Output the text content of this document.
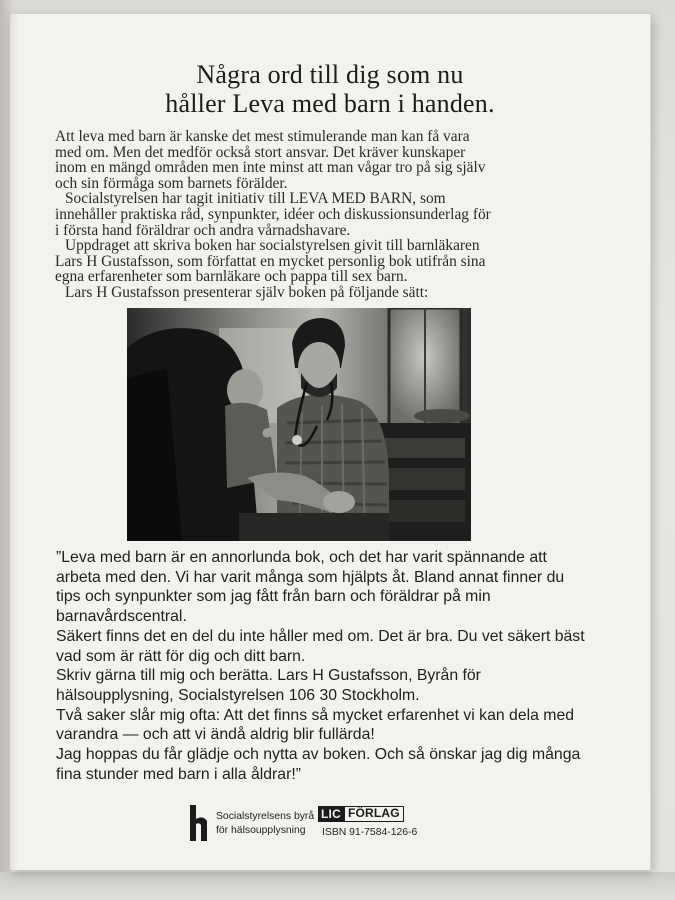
Några ord till dig som nu
håller Leva med barn i handen.

Att leva med barn är kanske det mest stimulerande man kan få vara med om. Men det medför också stort ansvar. Det kräver kunskaper inom en mängd områden men inte minst att man vågar tro på sig själv och sin förmåga som barnets förälder.

Socialstyrelsen har tagit initiativ till LEVA MED BARN, som innehåller praktiska råd, synpunkter, idéer och diskussionsunderlag för i första hand föräldrar och andra vårnadshavare.

Uppdraget att skriva boken har socialstyrelsen givit till barnläkaren Lars H Gustafsson, som författat en mycket personlig bok utifrån sina egna erfarenheter som barnläkare och pappa till sex barn.

Lars H Gustafsson presenterar själv boken på följande sätt:

”Leva med barn är en annorlunda bok, och det har varit spännande att arbeta med den. Vi har varit många som hjälpts åt. Bland annat finner du tips och synpunkter som jag fått från barn och föräldrar på min barnavårdscentral.

Säkert finns det en del du inte håller med om. Det är bra. Du vet säkert bäst vad som är rätt för dig och ditt barn.

Skriv gärna till mig och berätta. Lars H Gustafsson, Byrån för hälsoupplysning, Socialstyrelsen 106 30 Stockholm.

Två saker slår mig ofta: Att det finns så mycket erfarenhet vi kan dela med varandra — och att vi ändå aldrig blir fullärda!

Jag hoppas du får glädje och nytta av boken. Och så önskar jag dig många fina stunder med barn i alla åldrar!”

Socialstyrelsens byrå
för hälsoupplysning
LIC FÖRLAG
ISBN 91-7584-126-6
